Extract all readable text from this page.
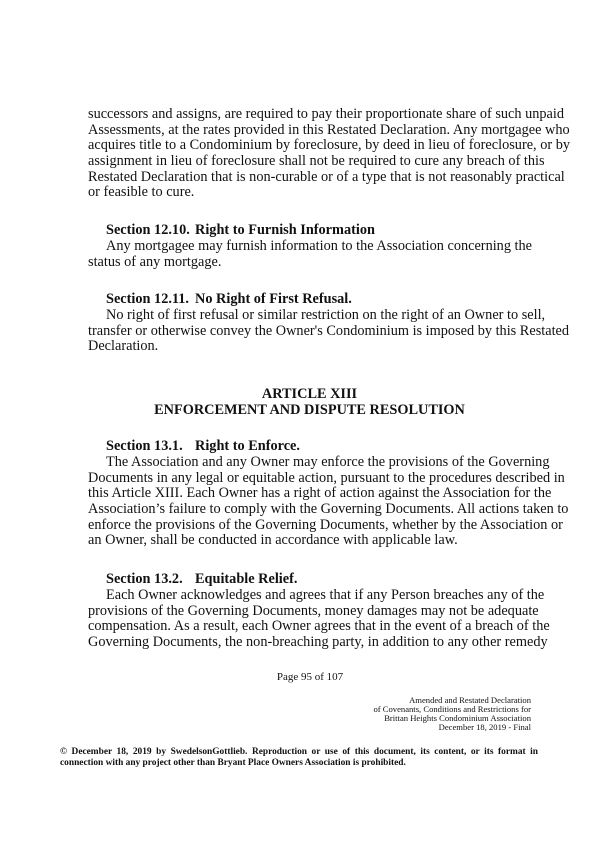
successors and assigns, are required to pay their proportionate share of such unpaid
Assessments, at the rates provided in this Restated Declaration. Any mortgagee who
acquires title to a Condominium by foreclosure, by deed in lieu of foreclosure, or by
assignment in lieu of foreclosure shall not be required to cure any breach of this
Restated Declaration that is non-curable or of a type that is not reasonably practical
or feasible to cure.
Section 12.10. Right to Furnish Information
Any mortgagee may furnish information to the Association concerning the
status of any mortgage.
Section 12.11. No Right of First Refusal.
No right of first refusal or similar restriction on the right of an Owner to sell,
transfer or otherwise convey the Owner's Condominium is imposed by this Restated
Declaration.
ARTICLE XIII
ENFORCEMENT AND DISPUTE RESOLUTION
Section 13.1. Right to Enforce.
The Association and any Owner may enforce the provisions of the Governing
Documents in any legal or equitable action, pursuant to the procedures described in
this Article XIII. Each Owner has a right of action against the Association for the
Association’s failure to comply with the Governing Documents. All actions taken to
enforce the provisions of the Governing Documents, whether by the Association or
an Owner, shall be conducted in accordance with applicable law.
Section 13.2. Equitable Relief.
Each Owner acknowledges and agrees that if any Person breaches any of the
provisions of the Governing Documents, money damages may not be adequate
compensation. As a result, each Owner agrees that in the event of a breach of the
Governing Documents, the non-breaching party, in addition to any other remedy
Page 95 of 107
Amended and Restated Declaration
of Covenants, Conditions and Restrictions for
Brittan Heights Condominium Association
December 18, 2019 - Final
© December 18, 2019 by SwedelsonGottlieb. Reproduction or use of this document, its content, or its format in
connection with any project other than Bryant Place Owners Association is prohibited.
